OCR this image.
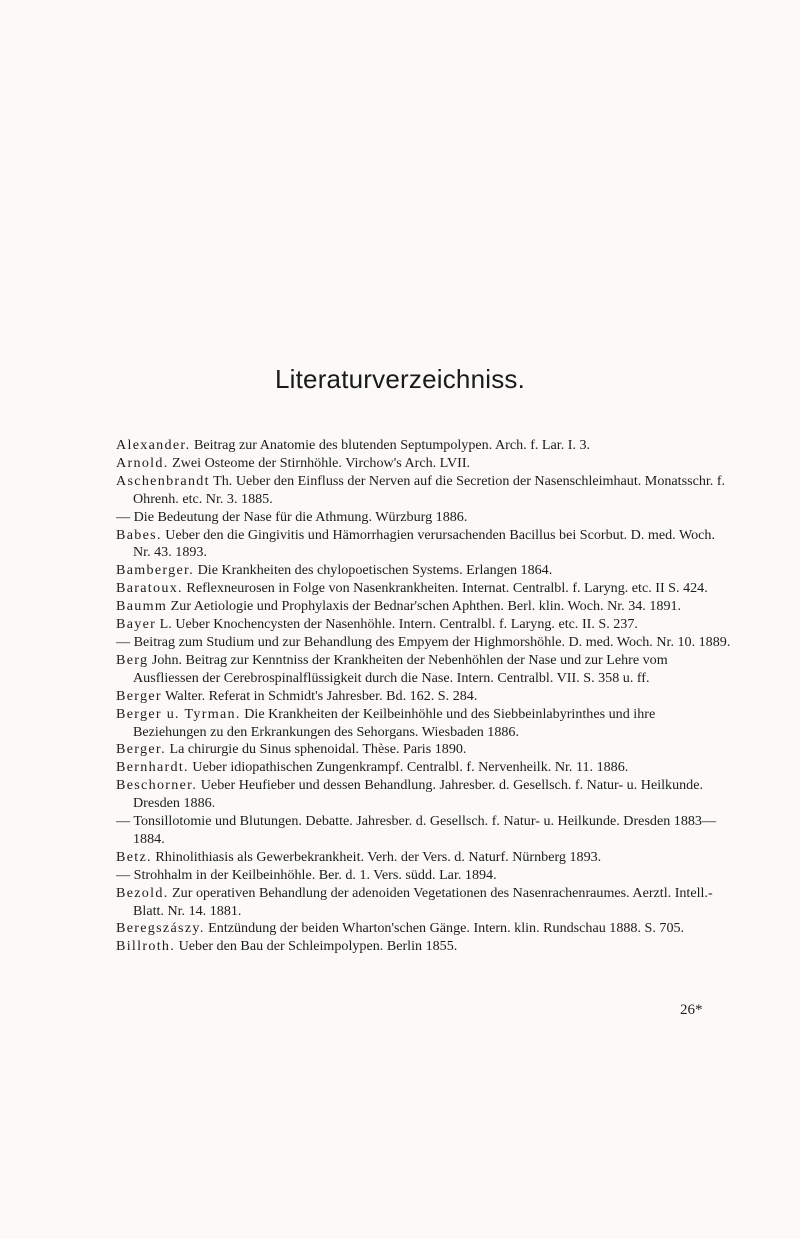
Literaturverzeichniss.

Alexander. Beitrag zur Anatomie des blutenden Septumpolypen. Arch. f. Lar. I. 3.

Arnold. Zwei Osteome der Stirnhöhle. Virchow's Arch. LVII.

Aschenbrandt Th. Ueber den Einfluss der Nerven auf die Secretion der Nasenschleimhaut. Monatsschr. f. Ohrenh. etc. Nr. 3. 1885.

— Die Bedeutung der Nase für die Athmung. Würzburg 1886.

Babes. Ueber den die Gingivitis und Hämorrhagien verursachenden Bacillus bei Scorbut. D. med. Woch. Nr. 43. 1893.

Bamberger. Die Krankheiten des chylopoetischen Systems. Erlangen 1864.

Baratoux. Reflexneurosen in Folge von Nasenkrankheiten. Internat. Centralbl. f. Laryng. etc. II S. 424.

Baumm Zur Aetiologie und Prophylaxis der Bednar'schen Aphthen. Berl. klin. Woch. Nr. 34. 1891.

Bayer L. Ueber Knochencysten der Nasenhöhle. Intern. Centralbl. f. Laryng. etc. II. S. 237.

— Beitrag zum Studium und zur Behandlung des Empyem der Highmorshöhle. D. med. Woch. Nr. 10. 1889.

Berg John. Beitrag zur Kenntniss der Krankheiten der Nebenhöhlen der Nase und zur Lehre vom Ausfliessen der Cerebrospinalflüssigkeit durch die Nase. Intern. Centralbl. VII. S. 358 u. ff.

Berger Walter. Referat in Schmidt's Jahresber. Bd. 162. S. 284.

Berger u. Tyrman. Die Krankheiten der Keilbeinhöhle und des Siebbeinlabyrinthes und ihre Beziehungen zu den Erkrankungen des Sehorgans. Wiesbaden 1886.

Berger. La chirurgie du Sinus sphenoidal. Thèse. Paris 1890.

Bernhardt. Ueber idiopathischen Zungenkrampf. Centralbl. f. Nervenheilk. Nr. 11. 1886.

Beschorner. Ueber Heufieber und dessen Behandlung. Jahresber. d. Gesellsch. f. Natur- u. Heilkunde. Dresden 1886.

— Tonsillotomie und Blutungen. Debatte. Jahresber. d. Gesellsch. f. Natur- u. Heilkunde. Dresden 1883—1884.

Betz. Rhinolithiasis als Gewerbekrankheit. Verh. der Vers. d. Naturf. Nürnberg 1893.

— Strohhalm in der Keilbeinhöhle. Ber. d. 1. Vers. südd. Lar. 1894.

Bezold. Zur operativen Behandlung der adenoiden Vegetationen des Nasenrachenraumes. Aerztl. Intell.-Blatt. Nr. 14. 1881.

Beregszászy. Entzündung der beiden Wharton'schen Gänge. Intern. klin. Rundschau 1888. S. 705.

Billroth. Ueber den Bau der Schleimpolypen. Berlin 1855.

26*
